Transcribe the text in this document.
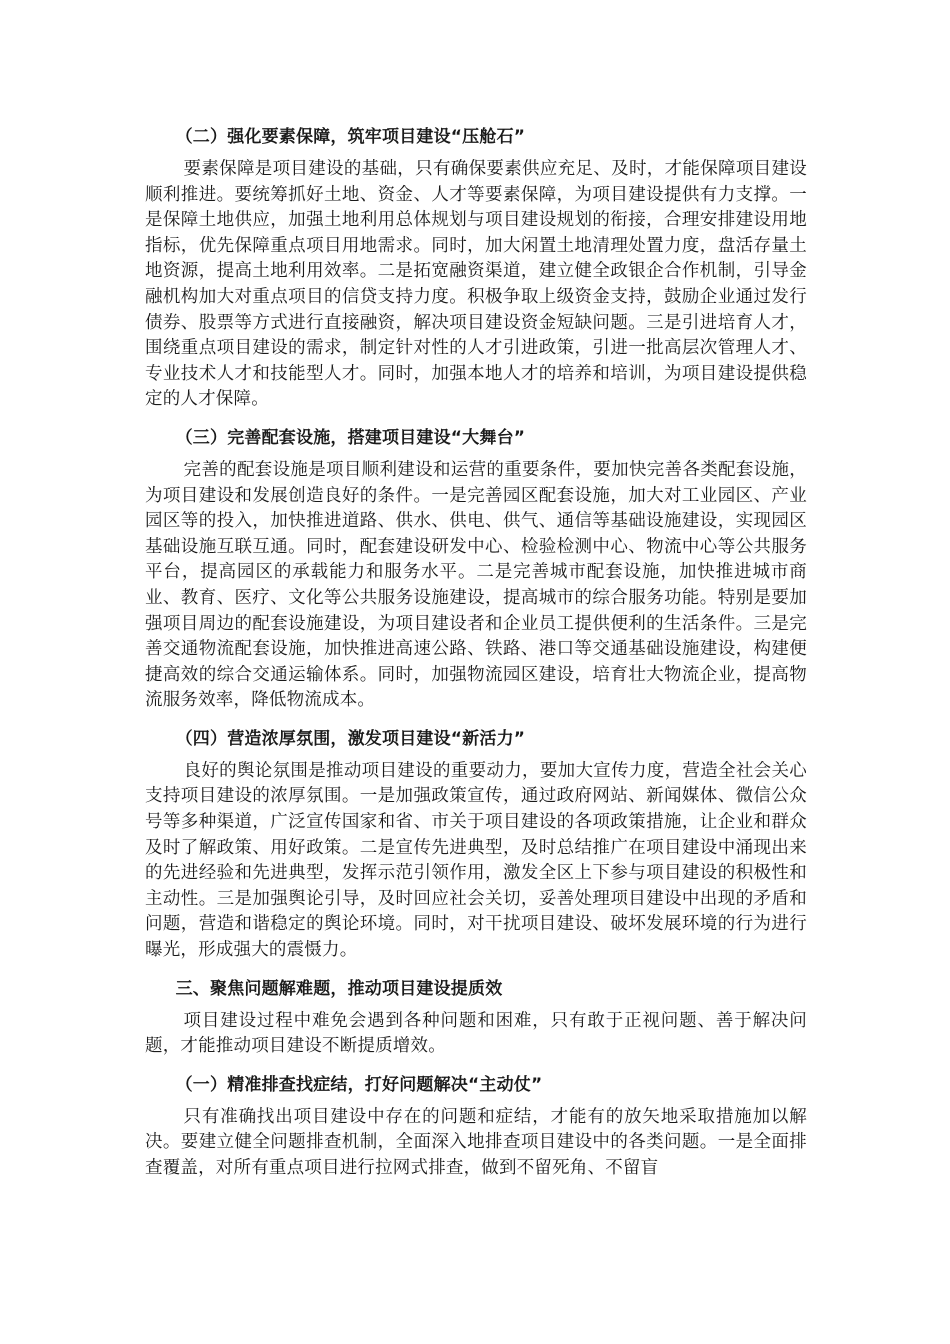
（二）强化要素保障，筑牢项目建设“压舱石”

要素保障是项目建设的基础，只有确保要素供应充足、及时，才能保障项目建设顺利推进。要统筹抓好土地、资金、人才等要素保障，为项目建设提供有力支撑。一是保障土地供应，加强土地利用总体规划与项目建设规划的衔接，合理安排建设用地指标，优先保障重点项目用地需求。同时，加大闲置土地清理处置力度，盘活存量土地资源，提高土地利用效率。二是拓宽融资渠道，建立健全政银企合作机制，引导金融机构加大对重点项目的信贷支持力度。积极争取上级资金支持，鼓励企业通过发行债券、股票等方式进行直接融资，解决项目建设资金短缺问题。三是引进培育人才，围绕重点项目建设的需求，制定针对性的人才引进政策，引进一批高层次管理人才、专业技术人才和技能型人才。同时，加强本地人才的培养和培训，为项目建设提供稳定的人才保障。

（三）完善配套设施，搭建项目建设“大舞台”

完善的配套设施是项目顺利建设和运营的重要条件，要加快完善各类配套设施，为项目建设和发展创造良好的条件。一是完善园区配套设施，加大对工业园区、产业园区等的投入，加快推进道路、供水、供电、供气、通信等基础设施建设，实现园区基础设施互联互通。同时，配套建设研发中心、检验检测中心、物流中心等公共服务平台，提高园区的承载能力和服务水平。二是完善城市配套设施，加快推进城市商业、教育、医疗、文化等公共服务设施建设，提高城市的综合服务功能。特别是要加强项目周边的配套设施建设，为项目建设者和企业员工提供便利的生活条件。三是完善交通物流配套设施，加快推进高速公路、铁路、港口等交通基础设施建设，构建便捷高效的综合交通运输体系。同时，加强物流园区建设，培育壮大物流企业，提高物流服务效率，降低物流成本。

（四）营造浓厚氛围，激发项目建设“新活力”

良好的舆论氛围是推动项目建设的重要动力，要加大宣传力度，营造全社会关心支持项目建设的浓厚氛围。一是加强政策宣传，通过政府网站、新闻媒体、微信公众号等多种渠道，广泛宣传国家和省、市关于项目建设的各项政策措施，让企业和群众及时了解政策、用好政策。二是宣传先进典型，及时总结推广在项目建设中涌现出来的先进经验和先进典型，发挥示范引领作用，激发全区上下参与项目建设的积极性和主动性。三是加强舆论引导，及时回应社会关切，妥善处理项目建设中出现的矛盾和问题，营造和谐稳定的舆论环境。同时，对干扰项目建设、破坏发展环境的行为进行曝光，形成强大的震慑力。

三、聚焦问题解难题，推动项目建设提质效

项目建设过程中难免会遇到各种问题和困难，只有敢于正视问题、善于解决问题，才能推动项目建设不断提质增效。

（一）精准排查找症结，打好问题解决“主动仗”

只有准确找出项目建设中存在的问题和症结，才能有的放矢地采取措施加以解决。要建立健全问题排查机制，全面深入地排查项目建设中的各类问题。一是全面排查覆盖，对所有重点项目进行拉网式排查，做到不留死角、不留盲
